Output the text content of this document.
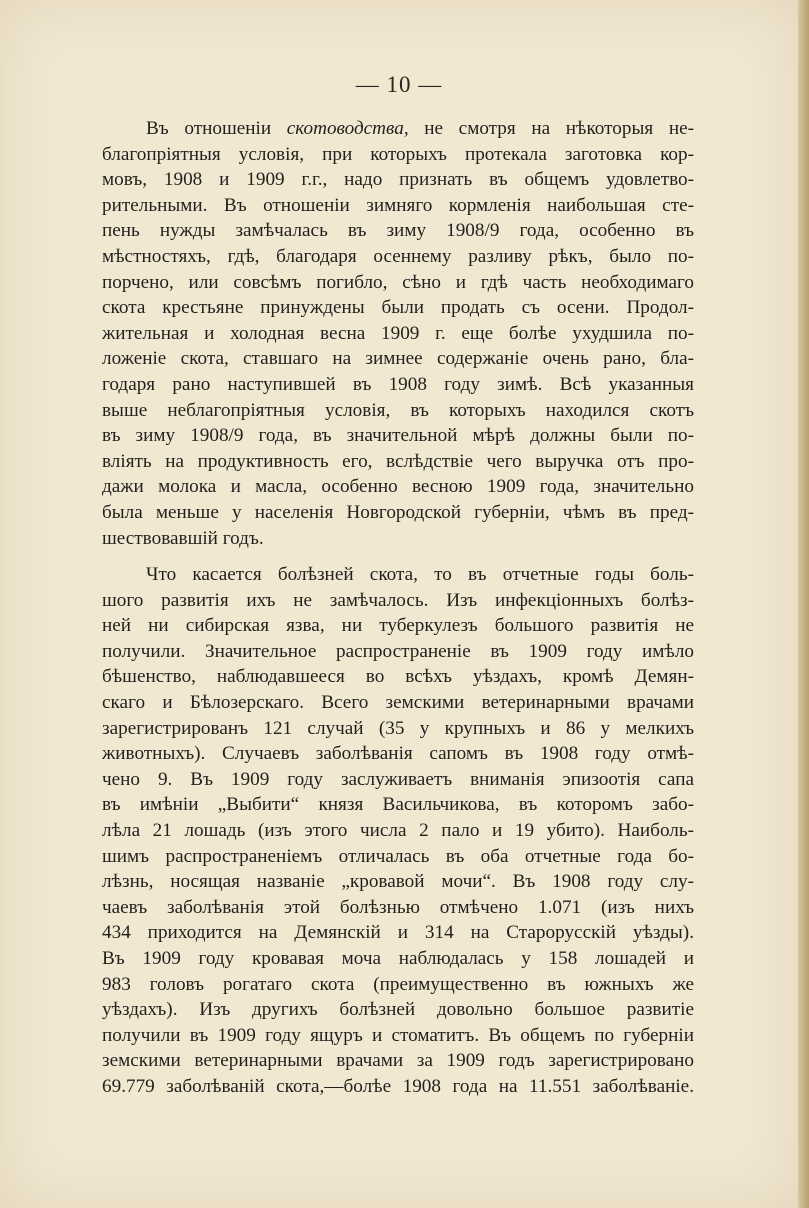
— 10 —
Въ отношеніи скотоводства, не смотря на нѣкоторыя не-
благопріятныя условія, при которыхъ протекала заготовка кор-
мовъ, 1908 и 1909 г.г., надо признать въ общемъ удовлетво-
рительными. Въ отношеніи зимняго кормленія наибольшая сте-
пень нужды замѣчалась въ зиму 1908/9 года, особенно въ
мѣстностяхъ, гдѣ, благодаря осеннему разливу рѣкъ, было по-
порчено, или совсѣмъ погибло, сѣно и гдѣ часть необходимаго
скота крестьяне принуждены были продать съ осени. Продол-
жительная и холодная весна 1909 г. еще болѣе ухудшила по-
ложеніе скота, ставшаго на зимнее содержаніе очень рано, бла-
годаря рано наступившей въ 1908 году зимѣ. Всѣ указанныя
выше неблагопріятныя условія, въ которыхъ находился скотъ
въ зиму 1908/9 года, въ значительной мѣрѣ должны были по-
вліять на продуктивность его, вслѣдствіе чего выручка отъ про-
дажи молока и масла, особенно весною 1909 года, значительно
была меньше у населенія Новгородской губерніи, чѣмъ въ пред-
шествовавшій годъ.
Что касается болѣзней скота, то въ отчетные годы боль-
шого развитія ихъ не замѣчалось. Изъ инфекціонныхъ болѣз-
ней ни сибирская язва, ни туберкулезъ большого развитія не
получили. Значительное распространеніе въ 1909 году имѣло
бѣшенство, наблюдавшееся во всѣхъ уѣздахъ, кромѣ Демян-
скаго и Бѣлозерскаго. Всего земскими ветеринарными врачами
зарегистрированъ 121 случай (35 у крупныхъ и 86 у мелкихъ
животныхъ). Случаевъ заболѣванія сапомъ въ 1908 году отмѣ-
чено 9. Въ 1909 году заслуживаетъ вниманія эпизоотія сапа
въ имѣніи „Выбити“ князя Васильчикова, въ которомъ забо-
лѣла 21 лошадь (изъ этого числа 2 пало и 19 убито). Наиболь-
шимъ распространеніемъ отличалась въ оба отчетные года бо-
лѣзнь, носящая названіе „кровавой мочи“. Въ 1908 году слу-
чаевъ заболѣванія этой болѣзнью отмѣчено 1.071 (изъ нихъ
434 приходится на Демянскій и 314 на Старорусскій уѣзды).
Въ 1909 году кровавая моча наблюдалась у 158 лошадей и
983 головъ рогатаго скота (преимущественно въ южныхъ же
уѣздахъ). Изъ другихъ болѣзней довольно большое развитіе
получили въ 1909 году ящуръ и стоматитъ. Въ общемъ по губерніи
земскими ветеринарными врачами за 1909 годъ зарегистрировано
69.779 заболѣваній скота,—болѣе 1908 года на 11.551 заболѣваніе.
